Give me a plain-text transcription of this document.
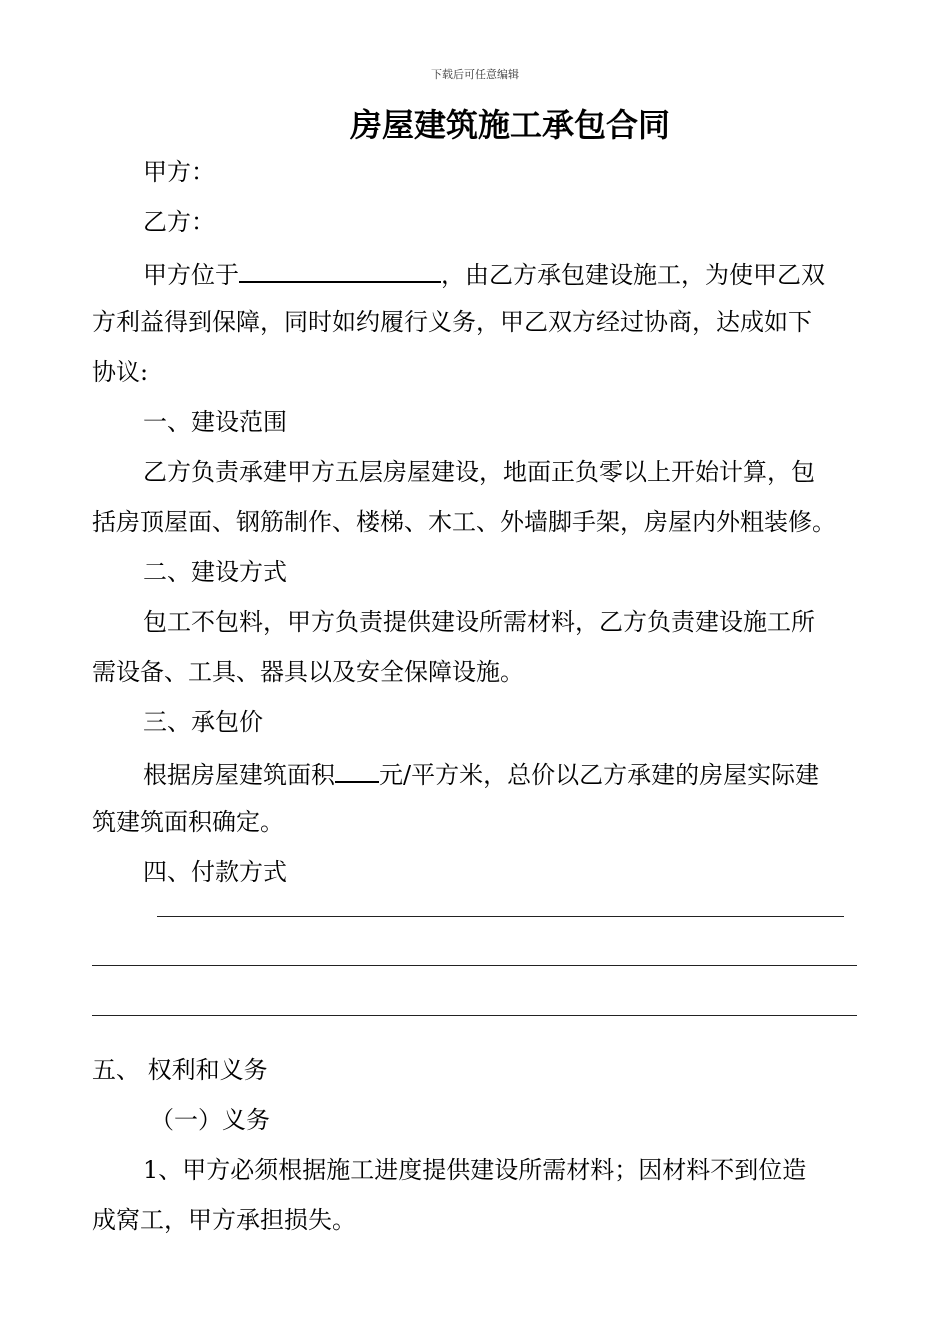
下载后可任意编辑
房屋建筑施工承包合同
甲方：
乙方：
甲方位于	，由乙方承包建设施工，为使甲乙双
方利益得到保障，同时如约履行义务，甲乙双方经过协商，达成如下
协议:
一、建设范围
乙方负责承建甲方五层房屋建设，地面正负零以上开始计算，包
括房顶屋面、钢筋制作、楼梯、木工、外墙脚手架，房屋内外粗装修。
二、建设方式
包工不包料，甲方负责提供建设所需材料，乙方负责建设施工所
需设备、工具、器具以及安全保障设施。
三、承包价
根据房屋建筑面积 元/平方米，总价以乙方承建的房屋实际建
筑建筑面积确定。
四、付款方式
五、 权利和义务
（一）义务
1、甲方必须根据施工进度提供建设所需材料；因材料不到位造
成窝工，甲方承担损失。
